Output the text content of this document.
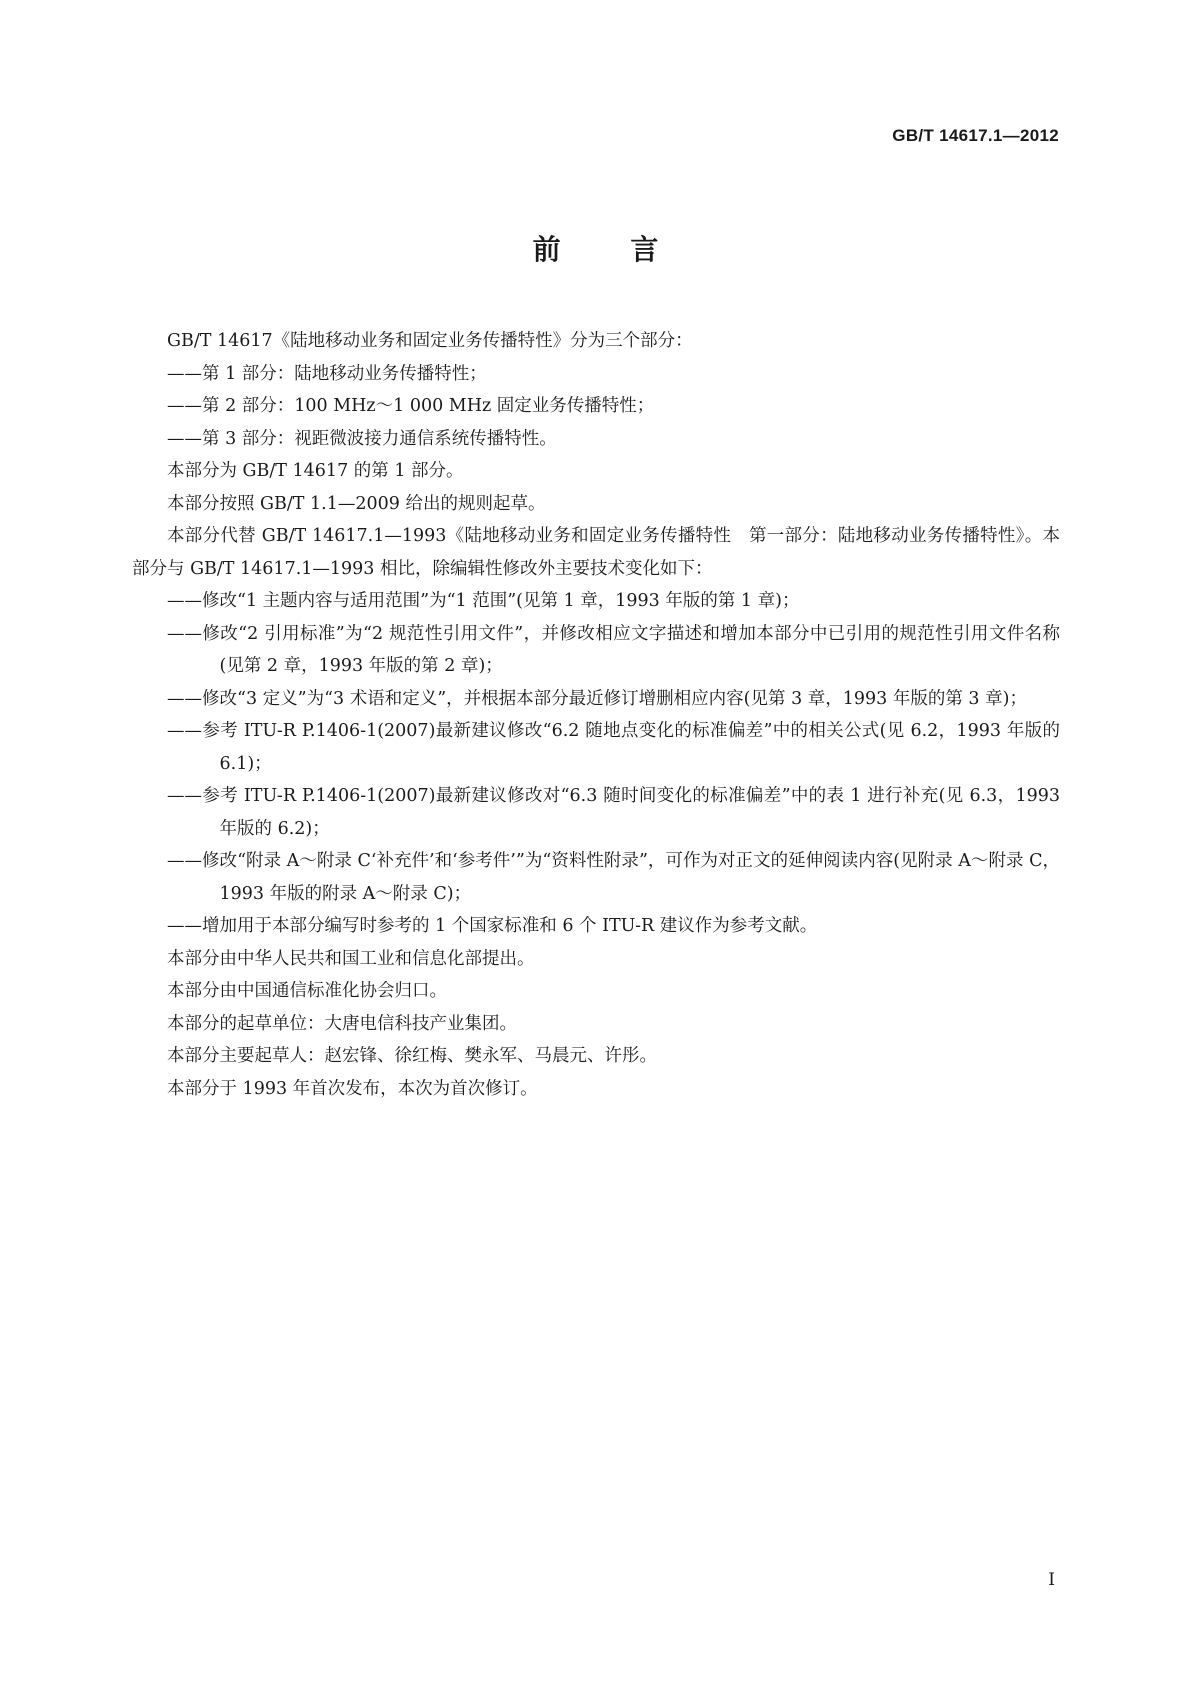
GB/T 14617.1—2012
前 言

GB/T 14617《陆地移动业务和固定业务传播特性》分为三个部分：

——第 1 部分：陆地移动业务传播特性；

——第 2 部分：100 MHz～1 000 MHz 固定业务传播特性；

——第 3 部分：视距微波接力通信系统传播特性。

本部分为 GB/T 14617 的第 1 部分。

本部分按照 GB/T 1.1—2009 给出的规则起草。

本部分代替 GB/T 14617.1—1993《陆地移动业务和固定业务传播特性　第一部分：陆地移动业务传播特性》。本部分与 GB/T 14617.1—1993 相比，除编辑性修改外主要技术变化如下：

——修改“1 主题内容与适用范围”为“1 范围”(见第 1 章，1993 年版的第 1 章)；

——修改“2 引用标准”为“2 规范性引用文件”，并修改相应文字描述和增加本部分中已引用的规范性引用文件名称(见第 2 章，1993 年版的第 2 章)；

——修改“3 定义”为“3 术语和定义”，并根据本部分最近修订增删相应内容(见第 3 章，1993 年版的第 3 章)；

——参考 ITU-R P.1406-1(2007)最新建议修改“6.2 随地点变化的标准偏差”中的相关公式(见 6.2，1993 年版的 6.1)；

——参考 ITU-R P.1406-1(2007)最新建议修改对“6.3 随时间变化的标准偏差”中的表 1 进行补充(见 6.3，1993 年版的 6.2)；

——修改“附录 A～附录 C‘补充件’和‘参考件’”为“资料性附录”，可作为对正文的延伸阅读内容(见附录 A～附录 C，1993 年版的附录 A～附录 C)；

——增加用于本部分编写时参考的 1 个国家标准和 6 个 ITU-R 建议作为参考文献。

本部分由中华人民共和国工业和信息化部提出。

本部分由中国通信标准化协会归口。

本部分的起草单位：大唐电信科技产业集团。

本部分主要起草人：赵宏锋、徐红梅、樊永军、马晨元、许彤。

本部分于 1993 年首次发布，本次为首次修订。

I
